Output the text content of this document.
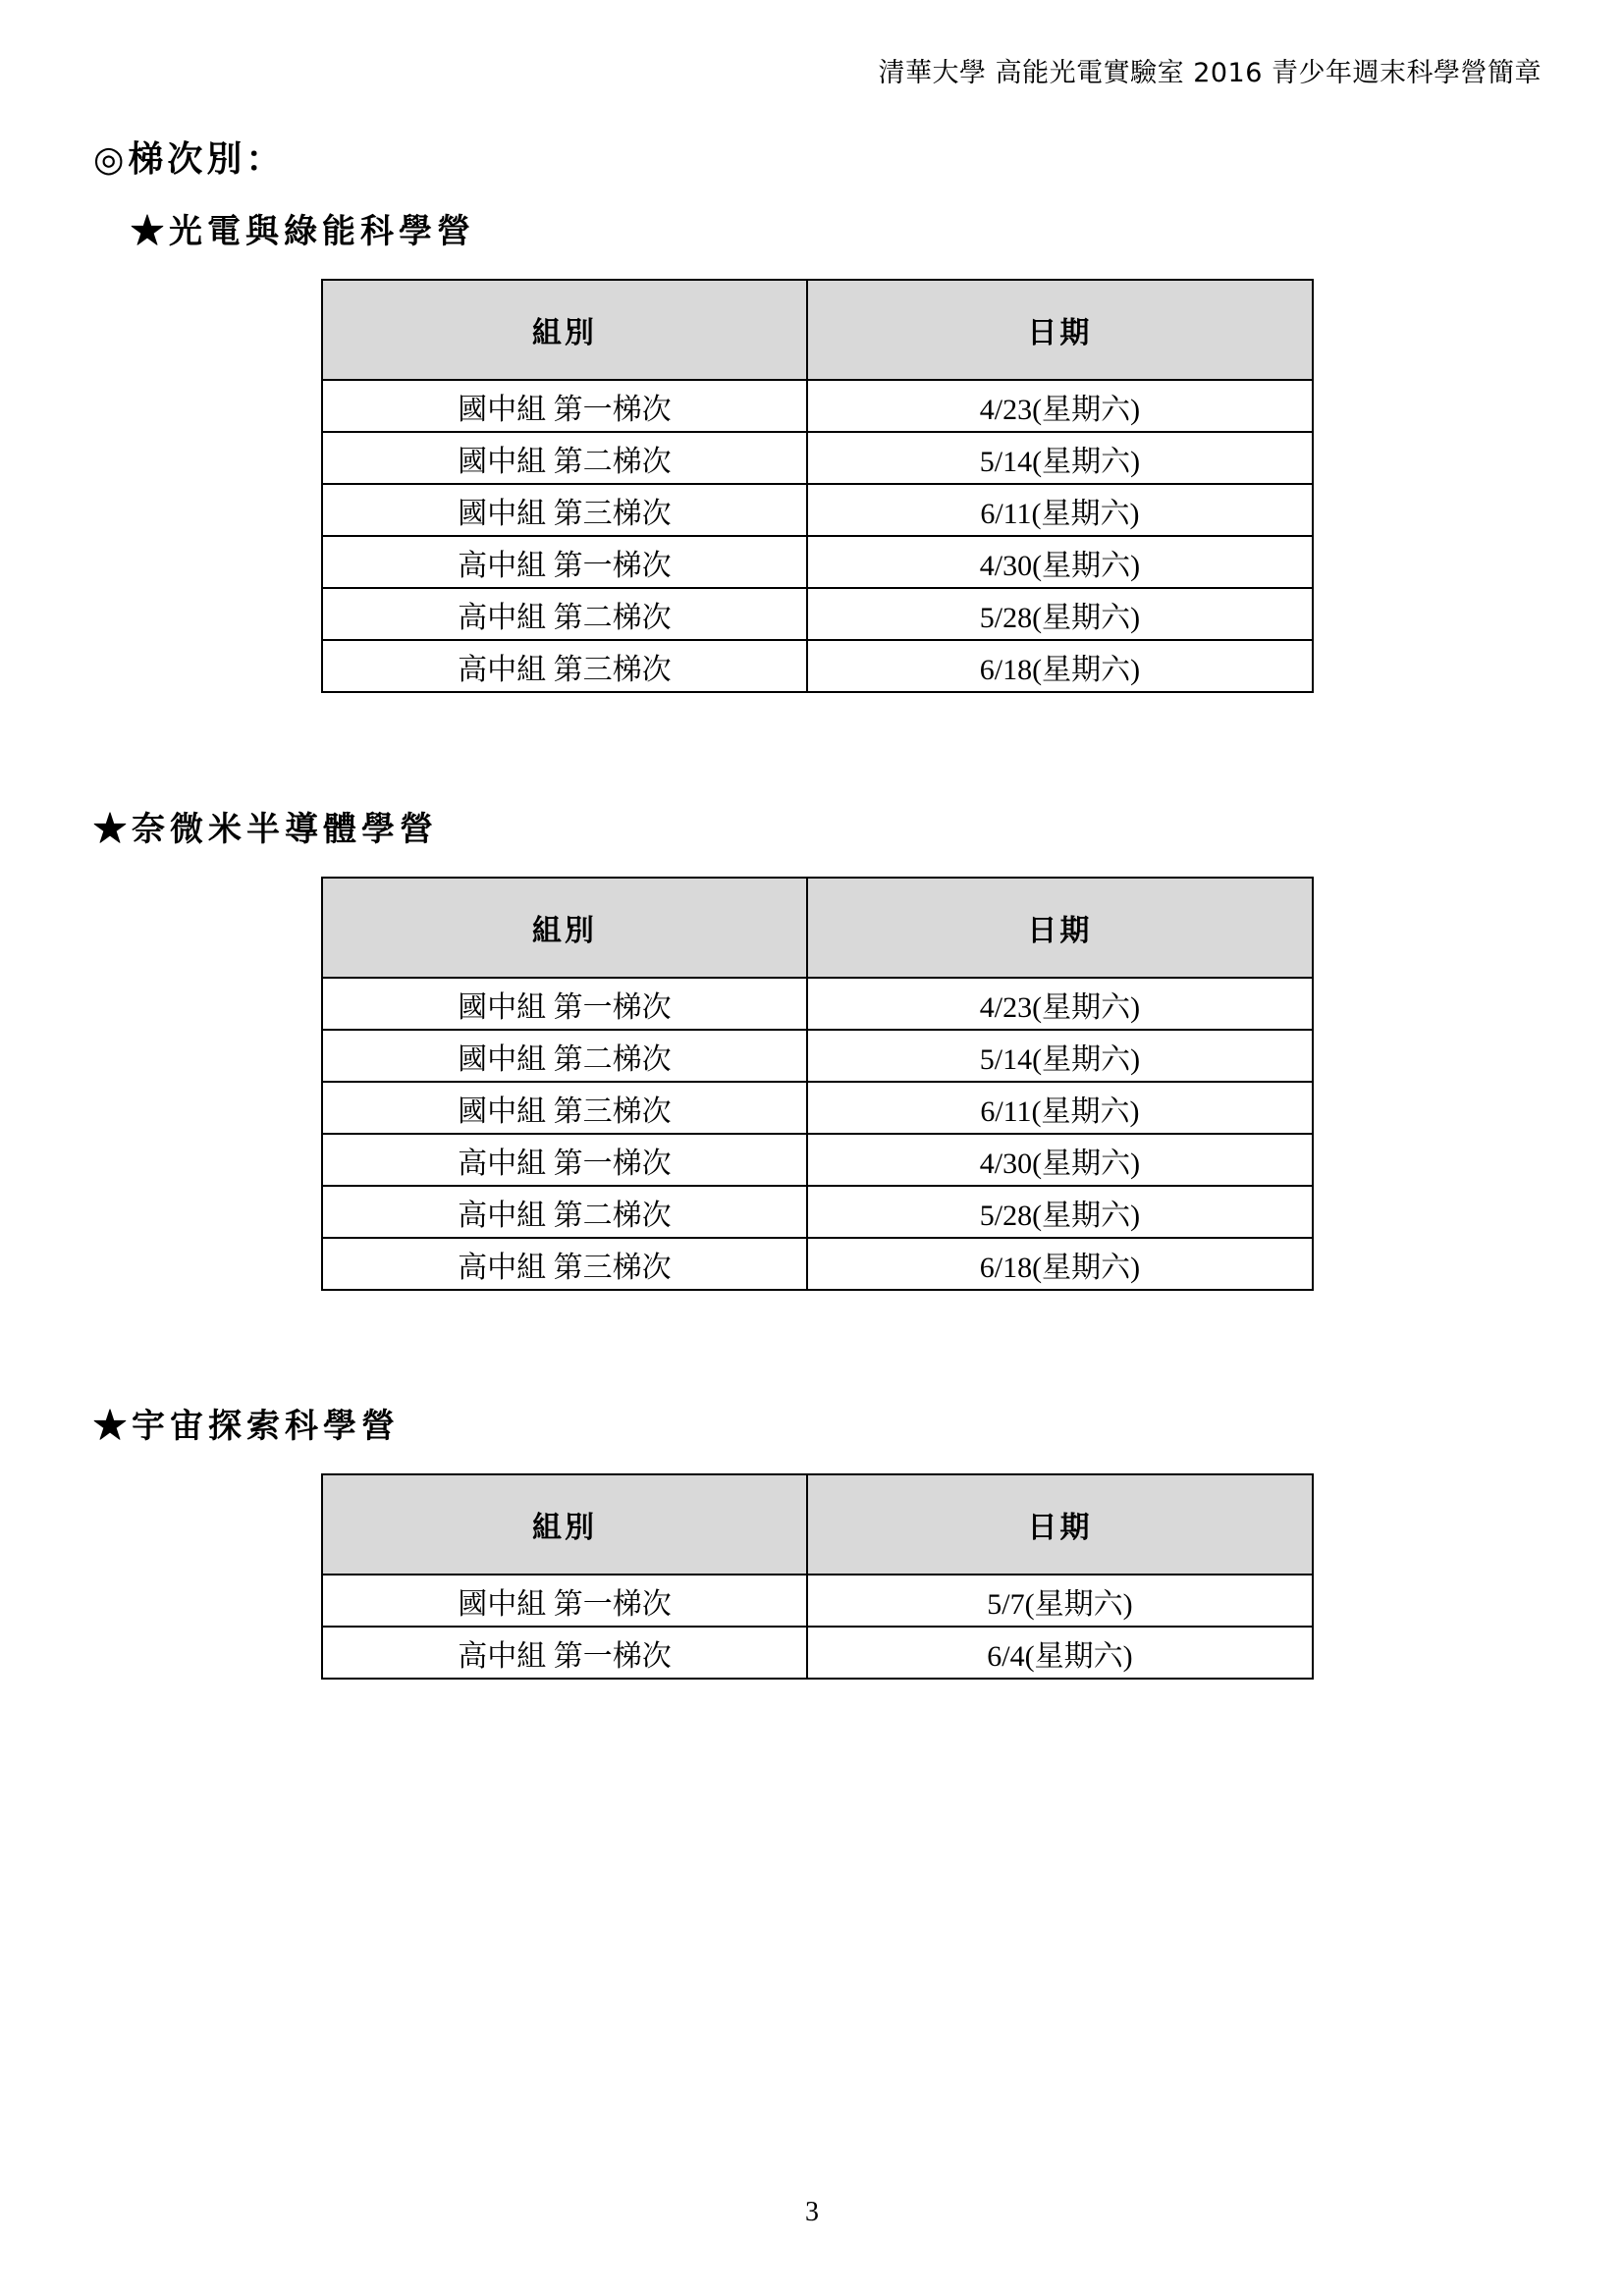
清華大學 高能光電實驗室 2016 青少年週末科學營簡章
◎梯次別：
★光電與綠能科學營
組別	日期
國中組 第一梯次	4/23(星期六)
國中組 第二梯次	5/14(星期六)
國中組 第三梯次	6/11(星期六)
高中組 第一梯次	4/30(星期六)
高中組 第二梯次	5/28(星期六)
高中組 第三梯次	6/18(星期六)
★奈微米半導體學營
組別	日期
國中組 第一梯次	4/23(星期六)
國中組 第二梯次	5/14(星期六)
國中組 第三梯次	6/11(星期六)
高中組 第一梯次	4/30(星期六)
高中組 第二梯次	5/28(星期六)
高中組 第三梯次	6/18(星期六)
★宇宙探索科學營
組別	日期
國中組 第一梯次	5/7(星期六)
高中組 第一梯次	6/4(星期六)
3
